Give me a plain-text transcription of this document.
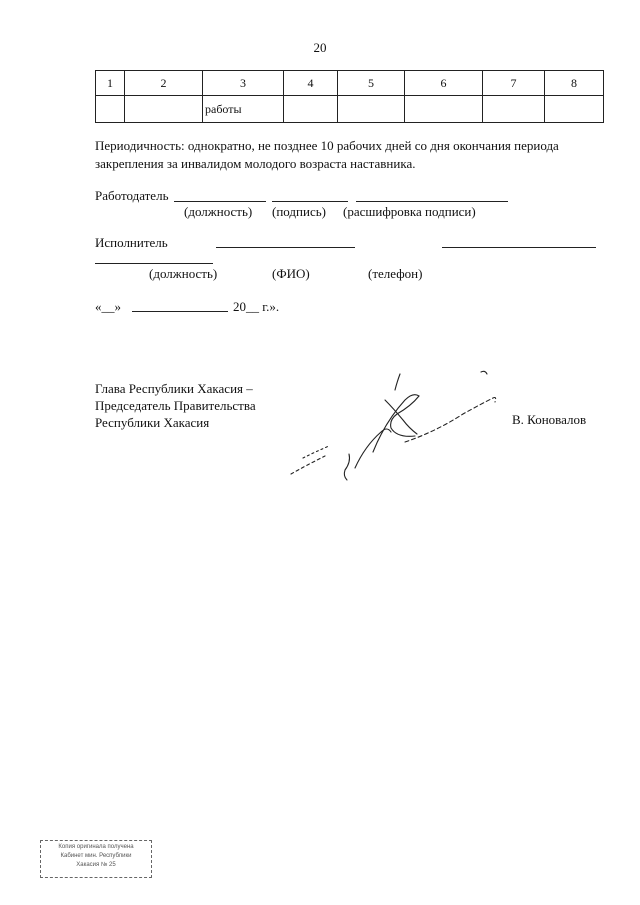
20
1	2	3	4	5	6	7	8
		работы					
Периодичность: однократно, не позднее 10 рабочих дней со дня окончания периода
закрепления за инвалидом молодого возраста наставника.
Работодатель
(должность) (подпись) (расшифровка подписи)
Исполнитель
(должность)	(ФИО)	(телефон)
«__»	20__ г.».
Глава Республики Хакасия –
Председатель Правительства
Республики Хакасия	В. Коновалов
Копия оригинала получена
Кабинет мин. Республики
Хакасия № 25
